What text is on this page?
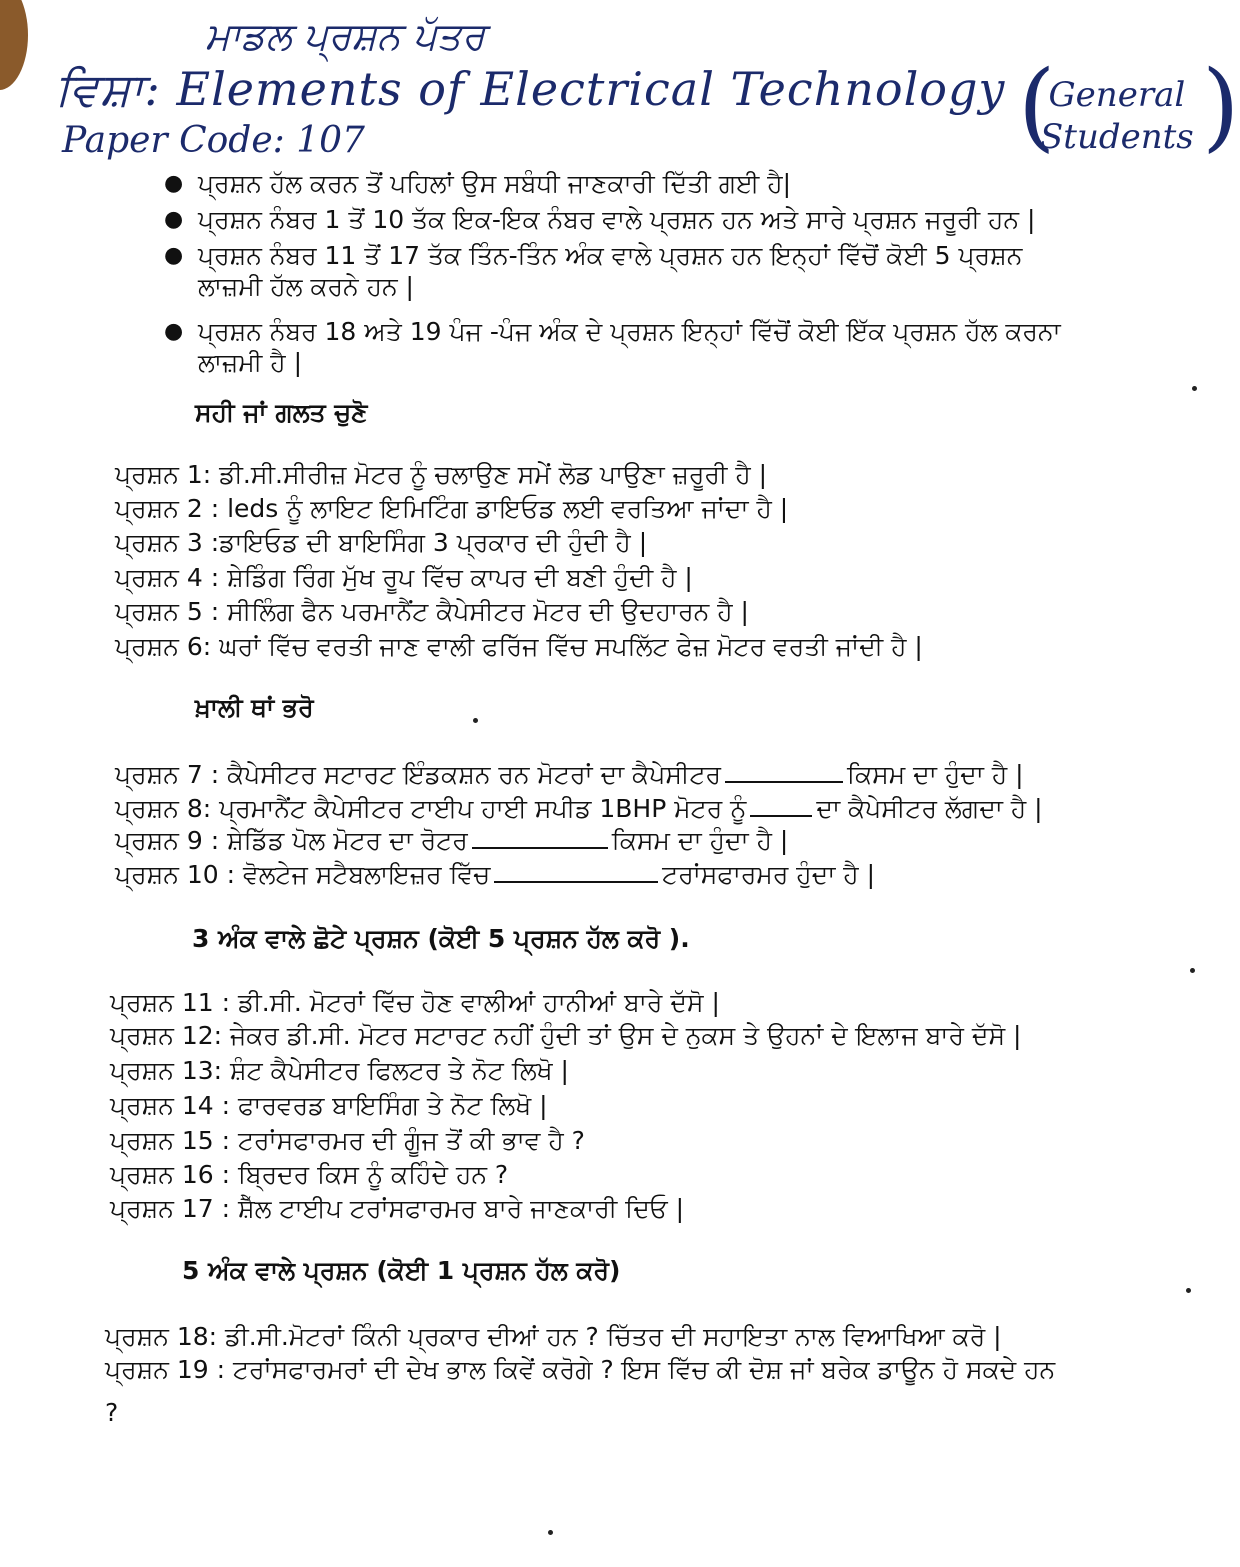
ਮਾਡਲ ਪ੍ਰਸ਼ਨ ਪੱਤਰ
ਵਿਸ਼ਾ: Elements of Electrical Technology
Paper Code: 107	(
General
Students )
● ਪ੍ਰਸ਼ਨ ਹੱਲ ਕਰਨ ਤੋਂ ਪਹਿਲਾਂ ਉਸ ਸਬੰਧੀ ਜਾਣਕਾਰੀ ਦਿੱਤੀ ਗਈ ਹੈ|
● ਪ੍ਰਸ਼ਨ ਨੰਬਰ 1 ਤੋਂ 10 ਤੱਕ ਇਕ-ਇਕ ਨੰਬਰ ਵਾਲੇ ਪ੍ਰਸ਼ਨ ਹਨ ਅਤੇ ਸਾਰੇ ਪ੍ਰਸ਼ਨ ਜਰੂਰੀ ਹਨ |
● ਪ੍ਰਸ਼ਨ ਨੰਬਰ 11 ਤੋਂ 17 ਤੱਕ ਤਿੰਨ-ਤਿੰਨ ਅੰਕ ਵਾਲੇ ਪ੍ਰਸ਼ਨ ਹਨ ਇਨ੍ਹਾਂ ਵਿੱਚੋਂ ਕੋਈ 5 ਪ੍ਰਸ਼ਨ ਲਾਜ਼ਮੀ ਹੱਲ ਕਰਨੇ ਹਨ |
● ਪ੍ਰਸ਼ਨ ਨੰਬਰ 18 ਅਤੇ 19 ਪੰਜ -ਪੰਜ ਅੰਕ ਦੇ ਪ੍ਰਸ਼ਨ ਇਨ੍ਹਾਂ ਵਿੱਚੋਂ ਕੋਈ ਇੱਕ ਪ੍ਰਸ਼ਨ ਹੱਲ ਕਰਨਾ ਲਾਜ਼ਮੀ ਹੈ |
ਸਹੀ ਜਾਂ ਗਲਤ ਚੁਣੋ
ਪ੍ਰਸ਼ਨ 1: ਡੀ.ਸੀ.ਸੀਰੀਜ਼ ਮੋਟਰ ਨੂੰ ਚਲਾਉਣ ਸਮੇਂ ਲੋਡ ਪਾਉਣਾ ਜ਼ਰੂਰੀ ਹੈ |
ਪ੍ਰਸ਼ਨ 2 : leds ਨੂੰ ਲਾਇਟ ਇਮਿਟਿੰਗ ਡਾਇਓਡ ਲਈ ਵਰਤਿਆ ਜਾਂਦਾ ਹੈ |
ਪ੍ਰਸ਼ਨ 3 :ਡਾਇਓਡ ਦੀ ਬਾਇਸਿੰਗ 3 ਪ੍ਰਕਾਰ ਦੀ ਹੁੰਦੀ ਹੈ |
ਪ੍ਰਸ਼ਨ 4 : ਸ਼ੇਡਿੰਗ ਰਿੰਗ ਮੁੱਖ ਰੂਪ ਵਿੱਚ ਕਾਪਰ ਦੀ ਬਣੀ ਹੁੰਦੀ ਹੈ |
ਪ੍ਰਸ਼ਨ 5 : ਸੀਲਿੰਗ ਫੈਨ ਪਰਮਾਨੈਂਟ ਕੈਪੇਸੀਟਰ ਮੋਟਰ ਦੀ ਉਦਹਾਰਨ ਹੈ |
ਪ੍ਰਸ਼ਨ 6: ਘਰਾਂ ਵਿੱਚ ਵਰਤੀ ਜਾਣ ਵਾਲੀ ਫਰਿੱਜ ਵਿੱਚ ਸਪਲਿੱਟ ਫੇਜ਼ ਮੋਟਰ ਵਰਤੀ ਜਾਂਦੀ ਹੈ |
ਖ਼ਾਲੀ ਥਾਂ ਭਰੋ
ਪ੍ਰਸ਼ਨ 7 : ਕੈਪੇਸੀਟਰ ਸਟਾਰਟ ਇੰਡਕਸ਼ਨ ਰਨ ਮੋਟਰਾਂ ਦਾ ਕੈਪੇਸੀਟਰ	ਕਿਸਮ ਦਾ ਹੁੰਦਾ ਹੈ |
ਪ੍ਰਸ਼ਨ 8: ਪ੍ਰਮਾਨੈਂਟ ਕੈਪੇਸੀਟਰ ਟਾਈਪ ਹਾਈ ਸਪੀਡ 1BHP ਮੋਟਰ ਨੂੰ	ਦਾ ਕੈਪੇਸੀਟਰ ਲੱਗਦਾ ਹੈ |
ਪ੍ਰਸ਼ਨ 9 : ਸ਼ੇਡਿੱਡ ਪੋਲ ਮੋਟਰ ਦਾ ਰੋਟਰ	ਕਿਸਮ ਦਾ ਹੁੰਦਾ ਹੈ |
ਪ੍ਰਸ਼ਨ 10 : ਵੋਲਟੇਜ ਸਟੈਬਲਾਇਜ਼ਰ ਵਿੱਚ	ਟਰਾਂਸਫਾਰਮਰ ਹੁੰਦਾ ਹੈ |
3 ਅੰਕ ਵਾਲੇ ਛੋਟੇ ਪ੍ਰਸ਼ਨ (ਕੋਈ 5 ਪ੍ਰਸ਼ਨ ਹੱਲ ਕਰੋ ).
ਪ੍ਰਸ਼ਨ 11 : ਡੀ.ਸੀ. ਮੋਟਰਾਂ ਵਿੱਚ ਹੋਣ ਵਾਲੀਆਂ ਹਾਨੀਆਂ ਬਾਰੇ ਦੱਸੋ |
ਪ੍ਰਸ਼ਨ 12: ਜੇਕਰ ਡੀ.ਸੀ. ਮੋਟਰ ਸਟਾਰਟ ਨਹੀਂ ਹੁੰਦੀ ਤਾਂ ਉਸ ਦੇ ਨੁਕਸ ਤੇ ਉਹਨਾਂ ਦੇ ਇਲਾਜ ਬਾਰੇ ਦੱਸੋ |
ਪ੍ਰਸ਼ਨ 13: ਸ਼ੰਟ ਕੈਪੇਸੀਟਰ ਫਿਲਟਰ ਤੇ ਨੋਟ ਲਿਖੋ |
ਪ੍ਰਸ਼ਨ 14 : ਫਾਰਵਰਡ ਬਾਇਸਿੰਗ ਤੇ ਨੋਟ ਲਿਖੋ |
ਪ੍ਰਸ਼ਨ 15 : ਟਰਾਂਸਫਾਰਮਰ ਦੀ ਗੂੰਜ ਤੋਂ ਕੀ ਭਾਵ ਹੈ ?
ਪ੍ਰਸ਼ਨ 16 : ਬ੍ਰਿਦਰ ਕਿਸ ਨੂੰ ਕਹਿੰਦੇ ਹਨ ?
ਪ੍ਰਸ਼ਨ 17 : ਸ਼ੈੱਲ ਟਾਈਪ ਟਰਾਂਸਫਾਰਮਰ ਬਾਰੇ ਜਾਣਕਾਰੀ ਦਿਓ |
5 ਅੰਕ ਵਾਲੇ ਪ੍ਰਸ਼ਨ (ਕੋਈ 1 ਪ੍ਰਸ਼ਨ ਹੱਲ ਕਰੋ)
ਪ੍ਰਸ਼ਨ 18: ਡੀ.ਸੀ.ਮੋਟਰਾਂ ਕਿੰਨੀ ਪ੍ਰਕਾਰ ਦੀਆਂ ਹਨ ? ਚਿੱਤਰ ਦੀ ਸਹਾਇਤਾ ਨਾਲ ਵਿਆਖਿਆ ਕਰੋ |
ਪ੍ਰਸ਼ਨ 19 : ਟਰਾਂਸਫਾਰਮਰਾਂ ਦੀ ਦੇਖ ਭਾਲ ਕਿਵੇਂ ਕਰੋਗੇ ? ਇਸ ਵਿੱਚ ਕੀ ਦੋਸ਼ ਜਾਂ ਬਰੇਕ ਡਾਊਨ ਹੋ ਸਕਦੇ ਹਨ
?
